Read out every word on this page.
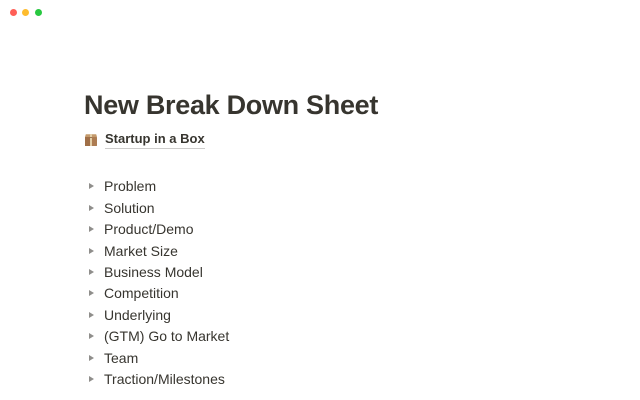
New Break Down Sheet
Startup in a Box
Problem
Solution
Product/Demo
Market Size
Business Model
Competition
Underlying
(GTM) Go to Market
Team
Traction/Milestones
